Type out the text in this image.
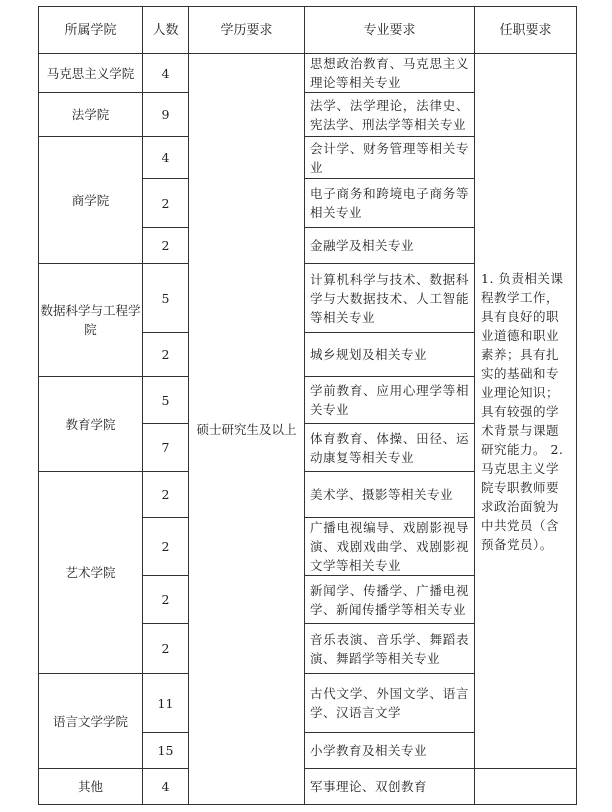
所属学院	人数	学历要求	专业要求	任职要求
马克思主义学院	4	硕士研究生及以上	思想政治教育、马克思主义理论等相关专业	1. 负责相关课程教学工作，具有良好的职业道德和职业素养；具有扎实的基础和专业理论知识；具有较强的学术背景与课题研究能力。 2. 马克思主义学院专职教师要求政治面貌为中共党员（含预备党员）。
法学院	9		法学、法学理论，法律史、宪法学、刑法学等相关专业	
商学院	4		会计学、财务管理等相关专业	
	2		电子商务和跨境电子商务等相关专业	
	2		金融学及相关专业	
数据科学与工程学院	5		计算机科学与技术、数据科学与大数据技术、人工智能等相关专业	
	2		城乡规划及相关专业	
教育学院	5		学前教育、应用心理学等相关专业	
	7		体育教育、体操、田径、运动康复等相关专业	
艺术学院	2		美术学、摄影等相关专业	
	2		广播电视编导、戏剧影视导演、戏剧戏曲学、戏剧影视文学等相关专业	
	2		新闻学、传播学、广播电视学、新闻传播学等相关专业	
	2		音乐表演、音乐学、舞蹈表演、舞蹈学等相关专业	
语言文学学院	11		古代文学、外国文学、语言学、汉语言文学	
	15		小学教育及相关专业	
其他	4		军事理论、双创教育	
